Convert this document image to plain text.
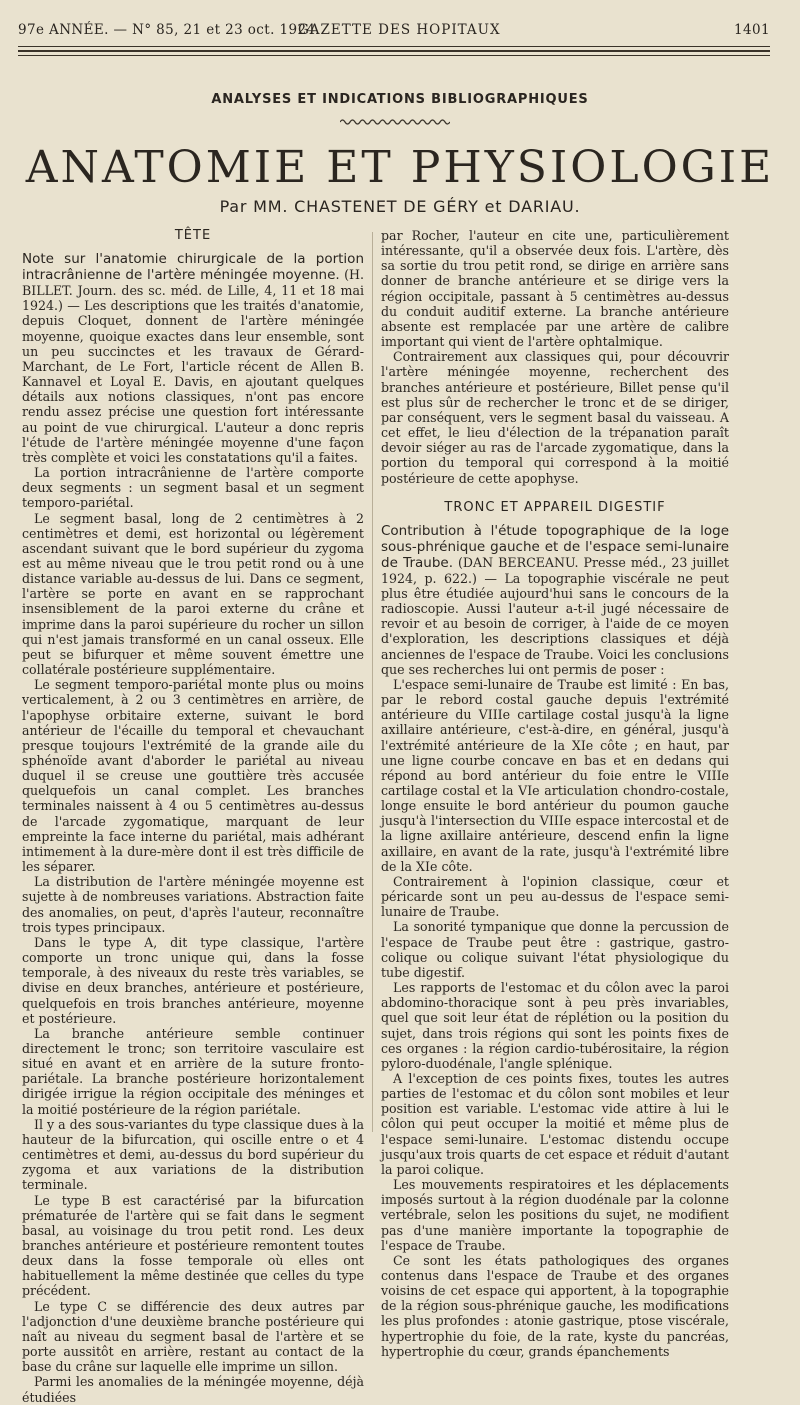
97e ANNÉE. — N° 85, 21 et 23 oct. 1924.
GAZETTE DES HOPITAUX	1401
ANALYSES ET INDICATIONS BIBLIOGRAPHIQUES
ANATOMIE ET PHYSIOLOGIE
Par MM. CHASTENET DE GÉRY et DARIAU.
TÊTE

Note sur l'anatomie chirurgicale de la portion intracrânienne de l'artère méningée moyenne. (H. BILLET. Journ. des sc. méd. de Lille, 4, 11 et 18 mai 1924.) — Les descriptions que les traités d'anatomie, depuis Cloquet, donnent de l'artère méningée moyenne, quoique exactes dans leur ensemble, sont un peu succinctes et les travaux de Gérard-Marchant, de Le Fort, l'article récent de Allen B. Kannavel et Loyal E. Davis, en ajoutant quelques détails aux notions classiques, n'ont pas encore rendu assez précise une question fort intéressante au point de vue chirurgical. L'auteur a donc repris l'étude de l'artère méningée moyenne d'une façon très complète et voici les constatations qu'il a faites.

La portion intracrânienne de l'artère comporte deux segments : un segment basal et un segment temporo-pariétal.

Le segment basal, long de 2 centimètres à 2 centimètres et demi, est horizontal ou légèrement ascendant suivant que le bord supérieur du zygoma est au même niveau que le trou petit rond ou à une distance variable au-dessus de lui. Dans ce segment, l'artère se porte en avant en se rapprochant insensiblement de la paroi externe du crâne et imprime dans la paroi supérieure du rocher un sillon qui n'est jamais transformé en un canal osseux. Elle peut se bifurquer et même souvent émettre une collatérale postérieure supplémentaire.

Le segment temporo-pariétal monte plus ou moins verticalement, à 2 ou 3 centimètres en arrière, de l'apophyse orbitaire externe, suivant le bord antérieur de l'écaille du temporal et chevauchant presque toujours l'extrémité de la grande aile du sphénoïde avant d'aborder le pariétal au niveau duquel il se creuse une gouttière très accusée quelquefois un canal complet. Les branches terminales naissent à 4 ou 5 centimètres au-dessus de l'arcade zygomatique, marquant de leur empreinte la face interne du pariétal, mais adhérant intimement à la dure-mère dont il est très difficile de les séparer.

La distribution de l'artère méningée moyenne est sujette à de nombreuses variations. Abstraction faite des anomalies, on peut, d'après l'auteur, reconnaître trois types principaux.

Dans le type A, dit type classique, l'artère comporte un tronc unique qui, dans la fosse temporale, à des niveaux du reste très variables, se divise en deux branches, antérieure et postérieure, quelquefois en trois branches antérieure, moyenne et postérieure.

La branche antérieure semble continuer directement le tronc; son territoire vasculaire est situé en avant et en arrière de la suture fronto-pariétale. La branche postérieure horizontalement dirigée irrigue la région occipitale des méninges et la moitié postérieure de la région pariétale.

Il y a des sous-variantes du type classique dues à la hauteur de la bifurcation, qui oscille entre o et 4 centimètres et demi, au-dessus du bord supérieur du zygoma et aux variations de la distribution terminale.

Le type B est caractérisé par la bifurcation prématurée de l'artère qui se fait dans le segment basal, au voisinage du trou petit rond. Les deux branches antérieure et postérieure remontent toutes deux dans la fosse temporale où elles ont habituellement la même destinée que celles du type précédent.

Le type C se différencie des deux autres par l'adjonction d'une deuxième branche postérieure qui naît au niveau du segment basal de l'artère et se porte aussitôt en arrière, restant au contact de la base du crâne sur laquelle elle imprime un sillon.

Parmi les anomalies de la méningée moyenne, déjà étudiées

par Rocher, l'auteur en cite une, particulièrement intéressante, qu'il a observée deux fois. L'artère, dès sa sortie du trou petit rond, se dirige en arrière sans donner de branche antérieure et se dirige vers la région occipitale, passant à 5 centimètres au-dessus du conduit auditif externe. La branche antérieure absente est remplacée par une artère de calibre important qui vient de l'artère ophtalmique.

Contrairement aux classiques qui, pour découvrir l'artère méningée moyenne, recherchent des branches antérieure et postérieure, Billet pense qu'il est plus sûr de rechercher le tronc et de se diriger, par conséquent, vers le segment basal du vaisseau. A cet effet, le lieu d'élection de la trépanation paraît devoir siéger au ras de l'arcade zygomatique, dans la portion du temporal qui correspond à la moitié postérieure de cette apophyse.

TRONC ET APPAREIL DIGESTIF

Contribution à l'étude topographique de la loge sous-phrénique gauche et de l'espace semi-lunaire de Traube. (DAN BERCEANU. Presse méd., 23 juillet 1924, p. 622.) — La topographie viscérale ne peut plus être étudiée aujourd'hui sans le concours de la radioscopie. Aussi l'auteur a-t-il jugé nécessaire de revoir et au besoin de corriger, à l'aide de ce moyen d'exploration, les descriptions classiques et déjà anciennes de l'espace de Traube. Voici les conclusions que ses recherches lui ont permis de poser :

L'espace semi-lunaire de Traube est limité : En bas, par le rebord costal gauche depuis l'extrémité antérieure du VIIIe cartilage costal jusqu'à la ligne axillaire antérieure, c'est-à-dire, en général, jusqu'à l'extrémité antérieure de la XIe côte ; en haut, par une ligne courbe concave en bas et en dedans qui répond au bord antérieur du foie entre le VIIIe cartilage costal et la VIe articulation chondro-costale, longe ensuite le bord antérieur du poumon gauche jusqu'à l'intersection du VIIIe espace intercostal et de la ligne axillaire antérieure, descend enfin la ligne axillaire, en avant de la rate, jusqu'à l'extrémité libre de la XIe côte.

Contrairement à l'opinion classique, cœur et péricarde sont un peu au-dessus de l'espace semi-lunaire de Traube.

La sonorité tympanique que donne la percussion de l'espace de Traube peut être : gastrique, gastro-colique ou colique suivant l'état physiologique du tube digestif.

Les rapports de l'estomac et du côlon avec la paroi abdomino-thoracique sont à peu près invariables, quel que soit leur état de réplétion ou la position du sujet, dans trois régions qui sont les points fixes de ces organes : la région cardio-tubérositaire, la région pyloro-duodénale, l'angle splénique.

A l'exception de ces points fixes, toutes les autres parties de l'estomac et du côlon sont mobiles et leur position est variable. L'estomac vide attire à lui le côlon qui peut occuper la moitié et même plus de l'espace semi-lunaire. L'estomac distendu occupe jusqu'aux trois quarts de cet espace et réduit d'autant la paroi colique.

Les mouvements respiratoires et les déplacements imposés surtout à la région duodénale par la colonne vertébrale, selon les positions du sujet, ne modifient pas d'une manière importante la topographie de l'espace de Traube.

Ce sont les états pathologiques des organes contenus dans l'espace de Traube et des organes voisins de cet espace qui apportent, à la topographie de la région sous-phrénique gauche, les modifications les plus profondes : atonie gastrique, ptose viscérale, hypertrophie du foie, de la rate, kyste du pancréas, hypertrophie du cœur, grands épanchements
